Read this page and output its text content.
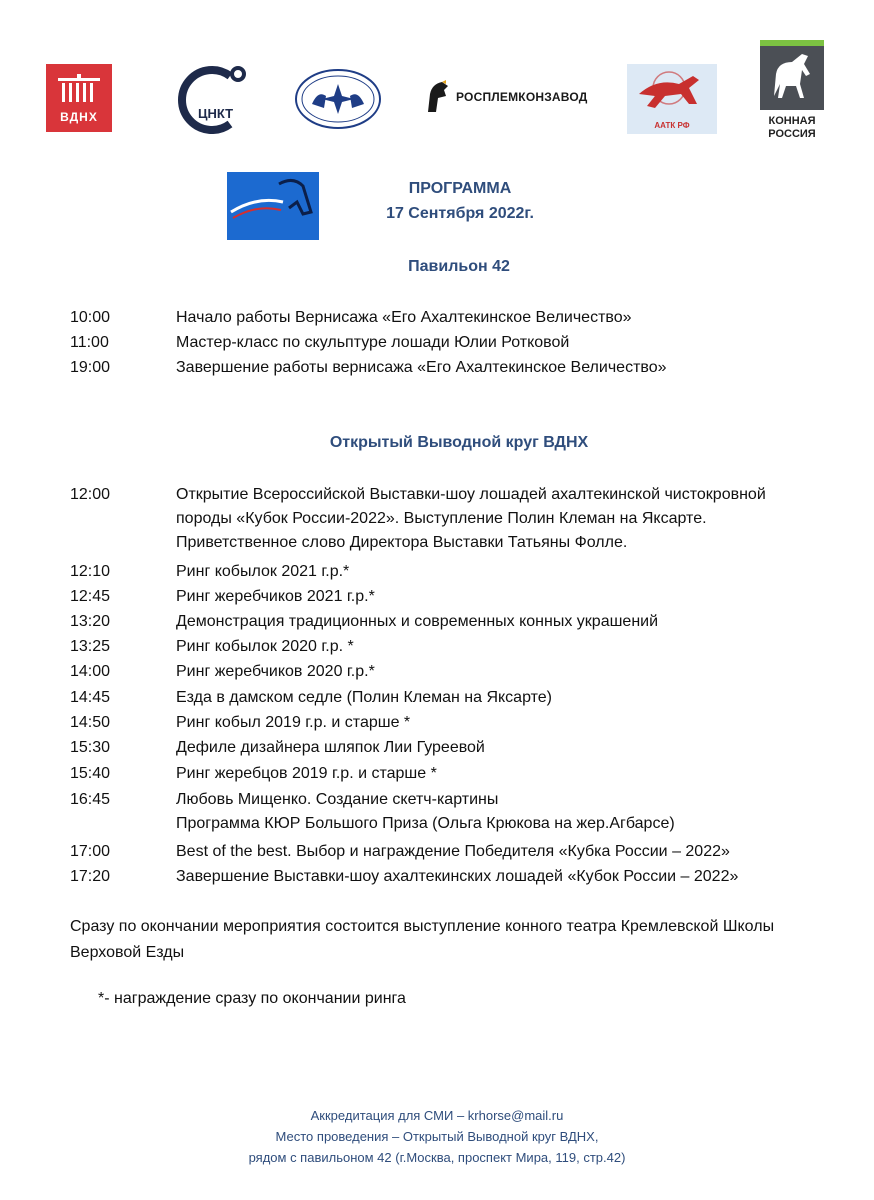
ВДНХ	ЦНКТ
РОСПЛЕМКОНЗАВОД
ААТК РФ	КОННАЯ
РОССИЯ
ПРОГРАММА
17 Сентября 2022г.
Павильон 42
10:00	Начало работы Вернисажа «Его Ахалтекинское Величество»
11:00	Мастер-класс по скульптуре лошади Юлии Ротковой
19:00	Завершение работы вернисажа «Его Ахалтекинское Величество»
Открытый Выводной круг ВДНХ
12:00	Открытие Всероссийской Выставки-шоу лошадей ахалтекинской чистокровной
породы «Кубок России-2022». Выступление Полин Клеман на Яксарте.
Приветственное слово Директора Выставки Татьяны Фолле.
12:10	Ринг кобылок 2021 г.р.*
12:45	Ринг жеребчиков 2021 г.р.*
13:20	Демонстрация традиционных и современных конных украшений
13:25	Ринг кобылок 2020 г.р. *
14:00	Ринг жеребчиков 2020 г.р.*
14:45	Езда в дамском седле (Полин Клеман на Яксарте)
14:50	Ринг кобыл 2019 г.р. и старше *
15:30	Дефиле дизайнера шляпок Лии Гуреевой
15:40	Ринг жеребцов 2019 г.р. и старше *
16:45	Любовь Мищенко. Создание скетч-картины
Программа КЮР Большого Приза (Ольга Крюкова на жер.Агбарсе)
17:00	Best of the best. Выбор и награждение Победителя «Кубка России – 2022»
17:20	Завершение Выставки-шоу ахалтекинских лошадей «Кубок России – 2022»
Сразу по окончании мероприятия состоится выступление конного театра Кремлевской Школы Верховой Езды
*- награждение сразу по окончании ринга
Аккредитация для СМИ – krhorse@mail.ru
Место проведения – Открытый Выводной круг ВДНХ,
рядом с павильоном 42 (г.Москва, проспект Мира, 119, стр.42)
